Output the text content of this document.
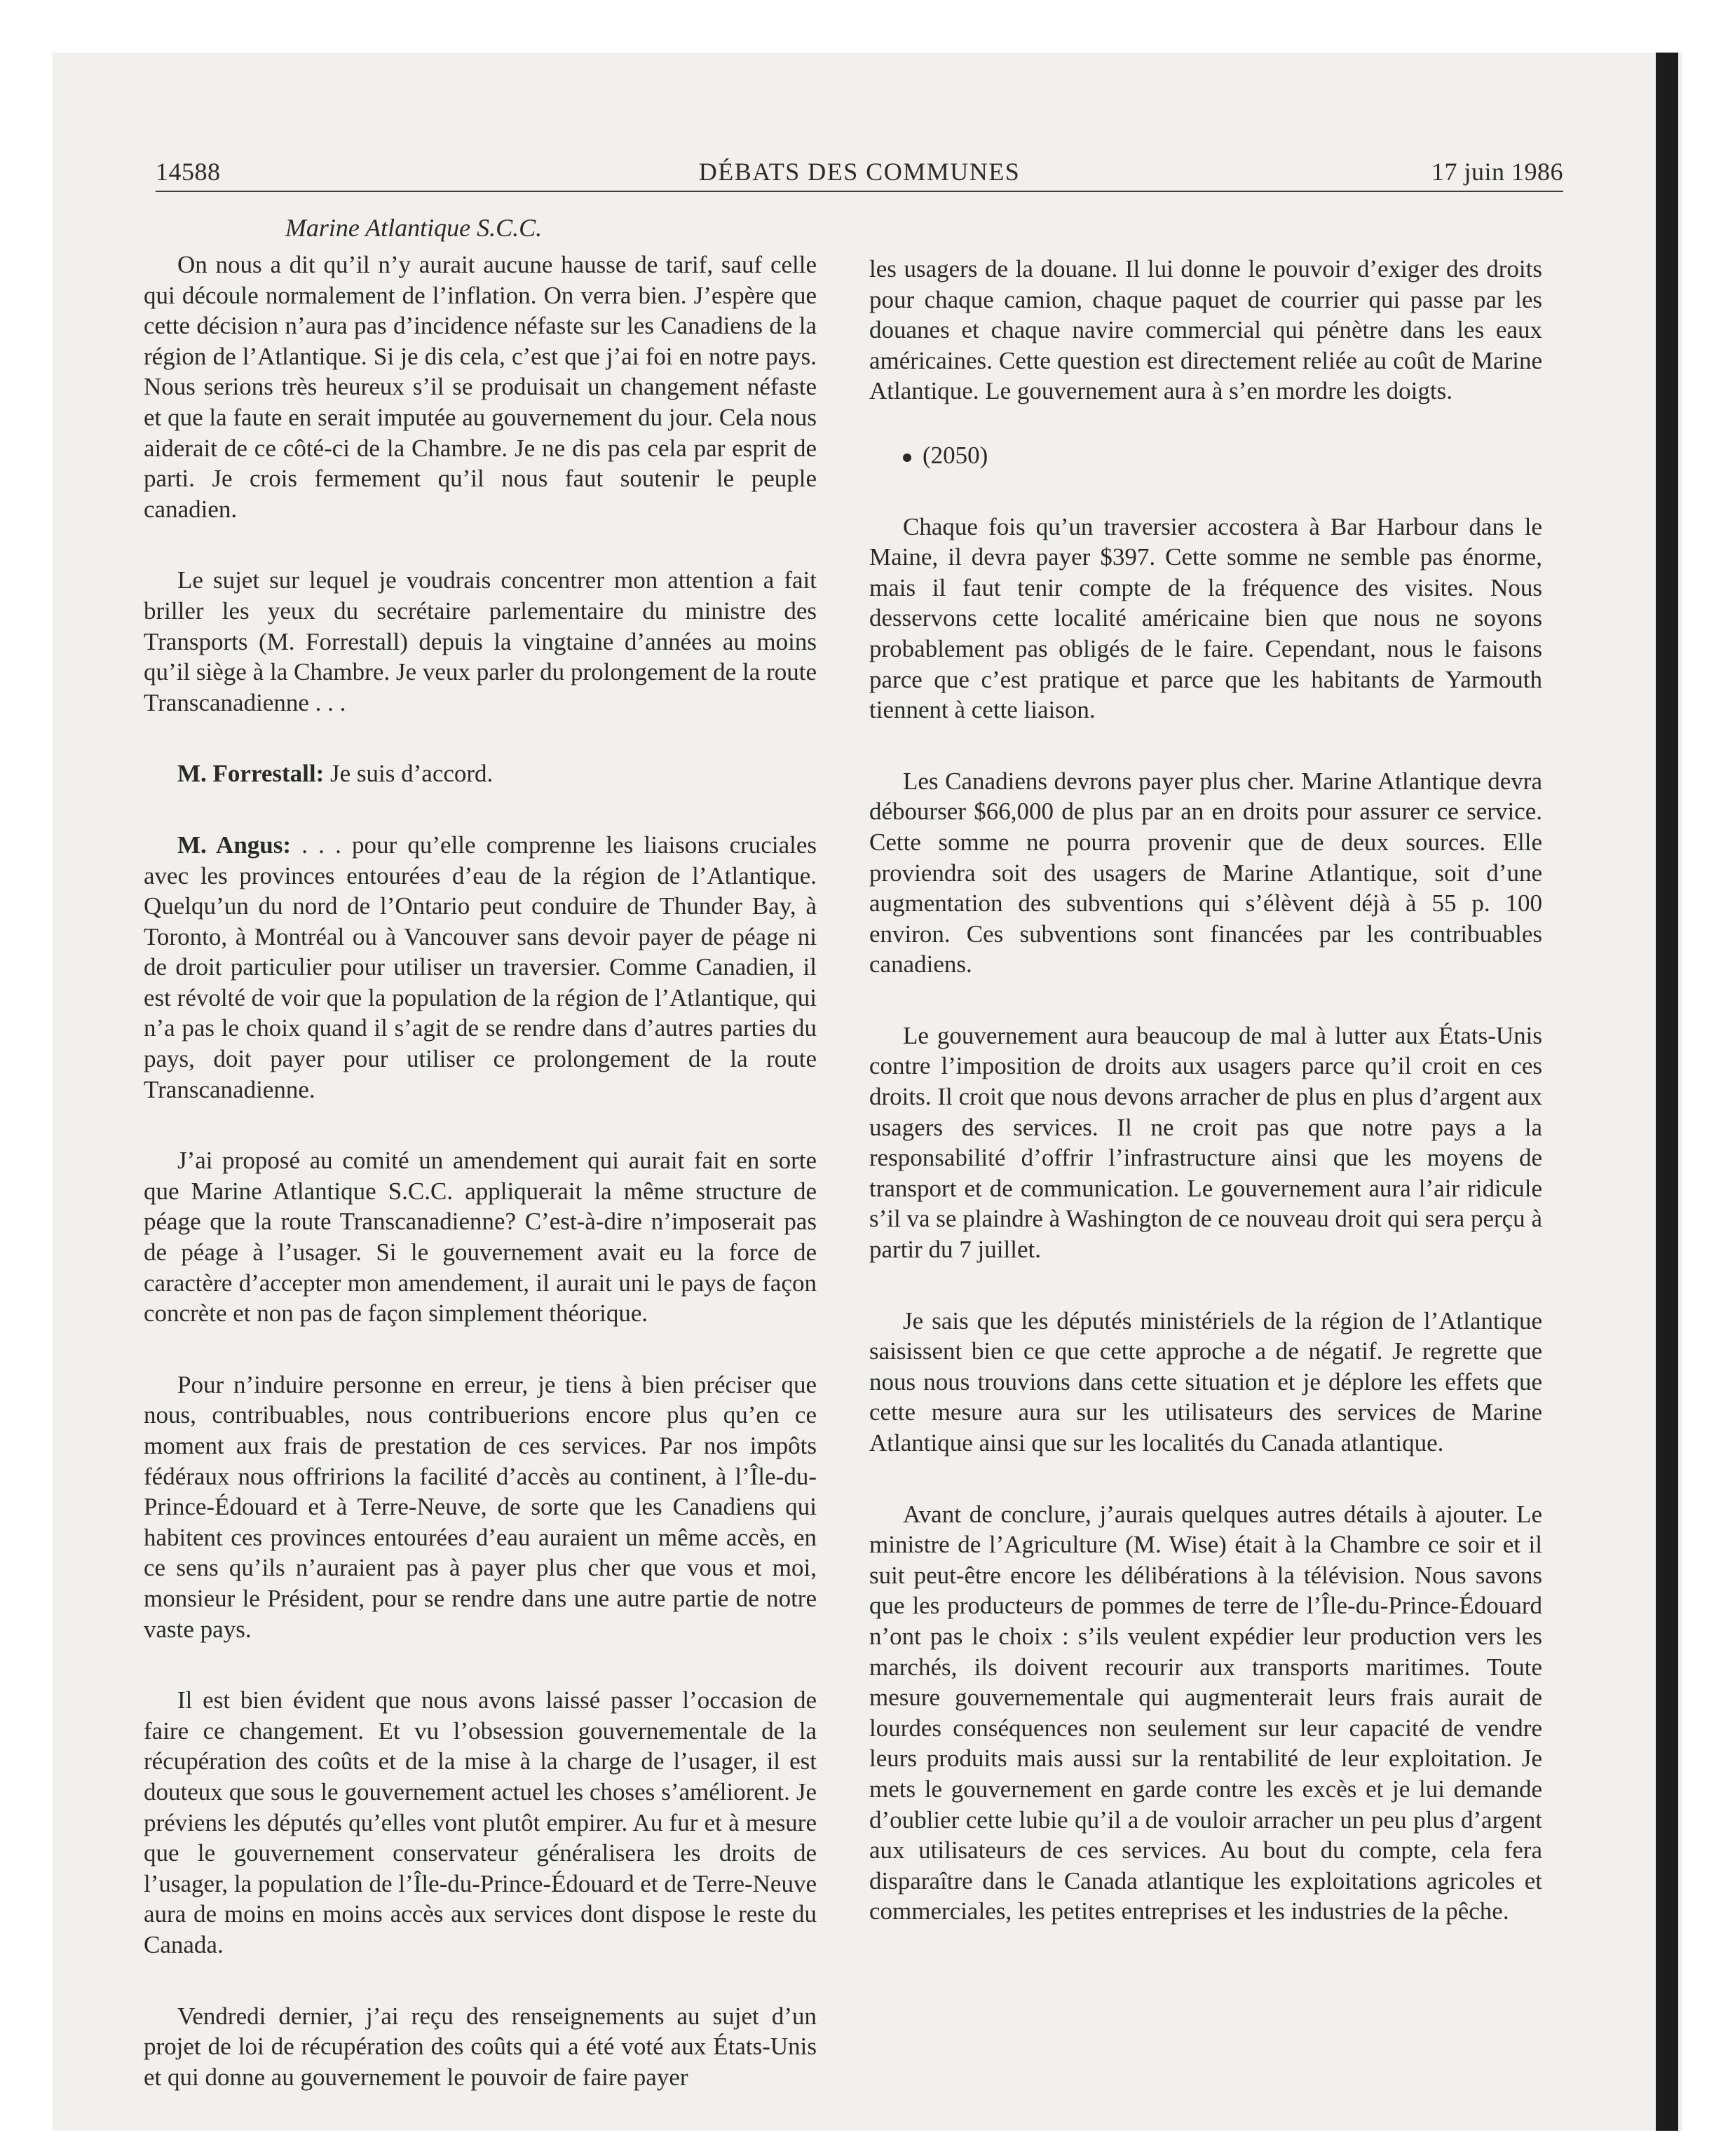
14588	DÉBATS DES COMMUNES	17 juin 1986
Marine Atlantique S.C.C.

On nous a dit qu’il n’y aurait aucune hausse de tarif, sauf celle qui découle normalement de l’inflation. On verra bien. J’espère que cette décision n’aura pas d’incidence néfaste sur les Canadiens de la région de l’Atlantique. Si je dis cela, c’est que j’ai foi en notre pays. Nous serions très heureux s’il se produisait un changement néfaste et que la faute en serait imputée au gouvernement du jour. Cela nous aiderait de ce côté-ci de la Chambre. Je ne dis pas cela par esprit de parti. Je crois fermement qu’il nous faut soutenir le peuple canadien.

Le sujet sur lequel je voudrais concentrer mon attention a fait briller les yeux du secrétaire parlementaire du ministre des Transports (M. Forrestall) depuis la vingtaine d’années au moins qu’il siège à la Chambre. Je veux parler du prolongement de la route Transcanadienne . . .

M. Forrestall: Je suis d’accord.

M. Angus: . . . pour qu’elle comprenne les liaisons cruciales avec les provinces entourées d’eau de la région de l’Atlantique. Quelqu’un du nord de l’Ontario peut conduire de Thunder Bay, à Toronto, à Montréal ou à Vancouver sans devoir payer de péage ni de droit particulier pour utiliser un traversier. Comme Canadien, il est révolté de voir que la population de la région de l’Atlantique, qui n’a pas le choix quand il s’agit de se rendre dans d’autres parties du pays, doit payer pour utiliser ce prolongement de la route Transcanadienne.

J’ai proposé au comité un amendement qui aurait fait en sorte que Marine Atlantique S.C.C. appliquerait la même structure de péage que la route Transcanadienne? C’est-à-dire n’imposerait pas de péage à l’usager. Si le gouvernement avait eu la force de caractère d’accepter mon amendement, il aurait uni le pays de façon concrète et non pas de façon simplement théorique.

Pour n’induire personne en erreur, je tiens à bien préciser que nous, contribuables, nous contribuerions encore plus qu’en ce moment aux frais de prestation de ces services. Par nos impôts fédéraux nous offririons la facilité d’accès au continent, à l’Île-du-Prince-Édouard et à Terre-Neuve, de sorte que les Canadiens qui habitent ces provinces entourées d’eau auraient un même accès, en ce sens qu’ils n’auraient pas à payer plus cher que vous et moi, monsieur le Président, pour se rendre dans une autre partie de notre vaste pays.

Il est bien évident que nous avons laissé passer l’occasion de faire ce changement. Et vu l’obsession gouvernementale de la récupération des coûts et de la mise à la charge de l’usager, il est douteux que sous le gouvernement actuel les choses s’améliorent. Je préviens les députés qu’elles vont plutôt empirer. Au fur et à mesure que le gouvernement conservateur généralisera les droits de l’usager, la population de l’Île-du-Prince-Édouard et de Terre-Neuve aura de moins en moins accès aux services dont dispose le reste du Canada.

Vendredi dernier, j’ai reçu des renseignements au sujet d’un projet de loi de récupération des coûts qui a été voté aux États-Unis et qui donne au gouvernement le pouvoir de faire payer

les usagers de la douane. Il lui donne le pouvoir d’exiger des droits pour chaque camion, chaque paquet de courrier qui passe par les douanes et chaque navire commercial qui pénètre dans les eaux américaines. Cette question est directement reliée au coût de Marine Atlantique. Le gouvernement aura à s’en mordre les doigts.

(2050)

Chaque fois qu’un traversier accostera à Bar Harbour dans le Maine, il devra payer $397. Cette somme ne semble pas énorme, mais il faut tenir compte de la fréquence des visites. Nous desservons cette localité américaine bien que nous ne soyons probablement pas obligés de le faire. Cependant, nous le faisons parce que c’est pratique et parce que les habitants de Yarmouth tiennent à cette liaison.

Les Canadiens devrons payer plus cher. Marine Atlantique devra débourser $66,000 de plus par an en droits pour assurer ce service. Cette somme ne pourra provenir que de deux sources. Elle proviendra soit des usagers de Marine Atlantique, soit d’une augmentation des subventions qui s’élèvent déjà à 55 p. 100 environ. Ces subventions sont financées par les contribuables canadiens.

Le gouvernement aura beaucoup de mal à lutter aux États-Unis contre l’imposition de droits aux usagers parce qu’il croit en ces droits. Il croit que nous devons arracher de plus en plus d’argent aux usagers des services. Il ne croit pas que notre pays a la responsabilité d’offrir l’infrastructure ainsi que les moyens de transport et de communication. Le gouvernement aura l’air ridicule s’il va se plaindre à Washington de ce nouveau droit qui sera perçu à partir du 7 juillet.

Je sais que les députés ministériels de la région de l’Atlantique saisissent bien ce que cette approche a de négatif. Je regrette que nous nous trouvions dans cette situation et je déplore les effets que cette mesure aura sur les utilisateurs des services de Marine Atlantique ainsi que sur les localités du Canada atlantique.

Avant de conclure, j’aurais quelques autres détails à ajouter. Le ministre de l’Agriculture (M. Wise) était à la Chambre ce soir et il suit peut-être encore les délibérations à la télévision. Nous savons que les producteurs de pommes de terre de l’Île-du-Prince-Édouard n’ont pas le choix : s’ils veulent expédier leur production vers les marchés, ils doivent recourir aux transports maritimes. Toute mesure gouvernementale qui augmenterait leurs frais aurait de lourdes conséquences non seulement sur leur capacité de vendre leurs produits mais aussi sur la rentabilité de leur exploitation. Je mets le gouvernement en garde contre les excès et je lui demande d’oublier cette lubie qu’il a de vouloir arracher un peu plus d’argent aux utilisateurs de ces services. Au bout du compte, cela fera disparaître dans le Canada atlantique les exploitations agricoles et commerciales, les petites entreprises et les industries de la pêche.
